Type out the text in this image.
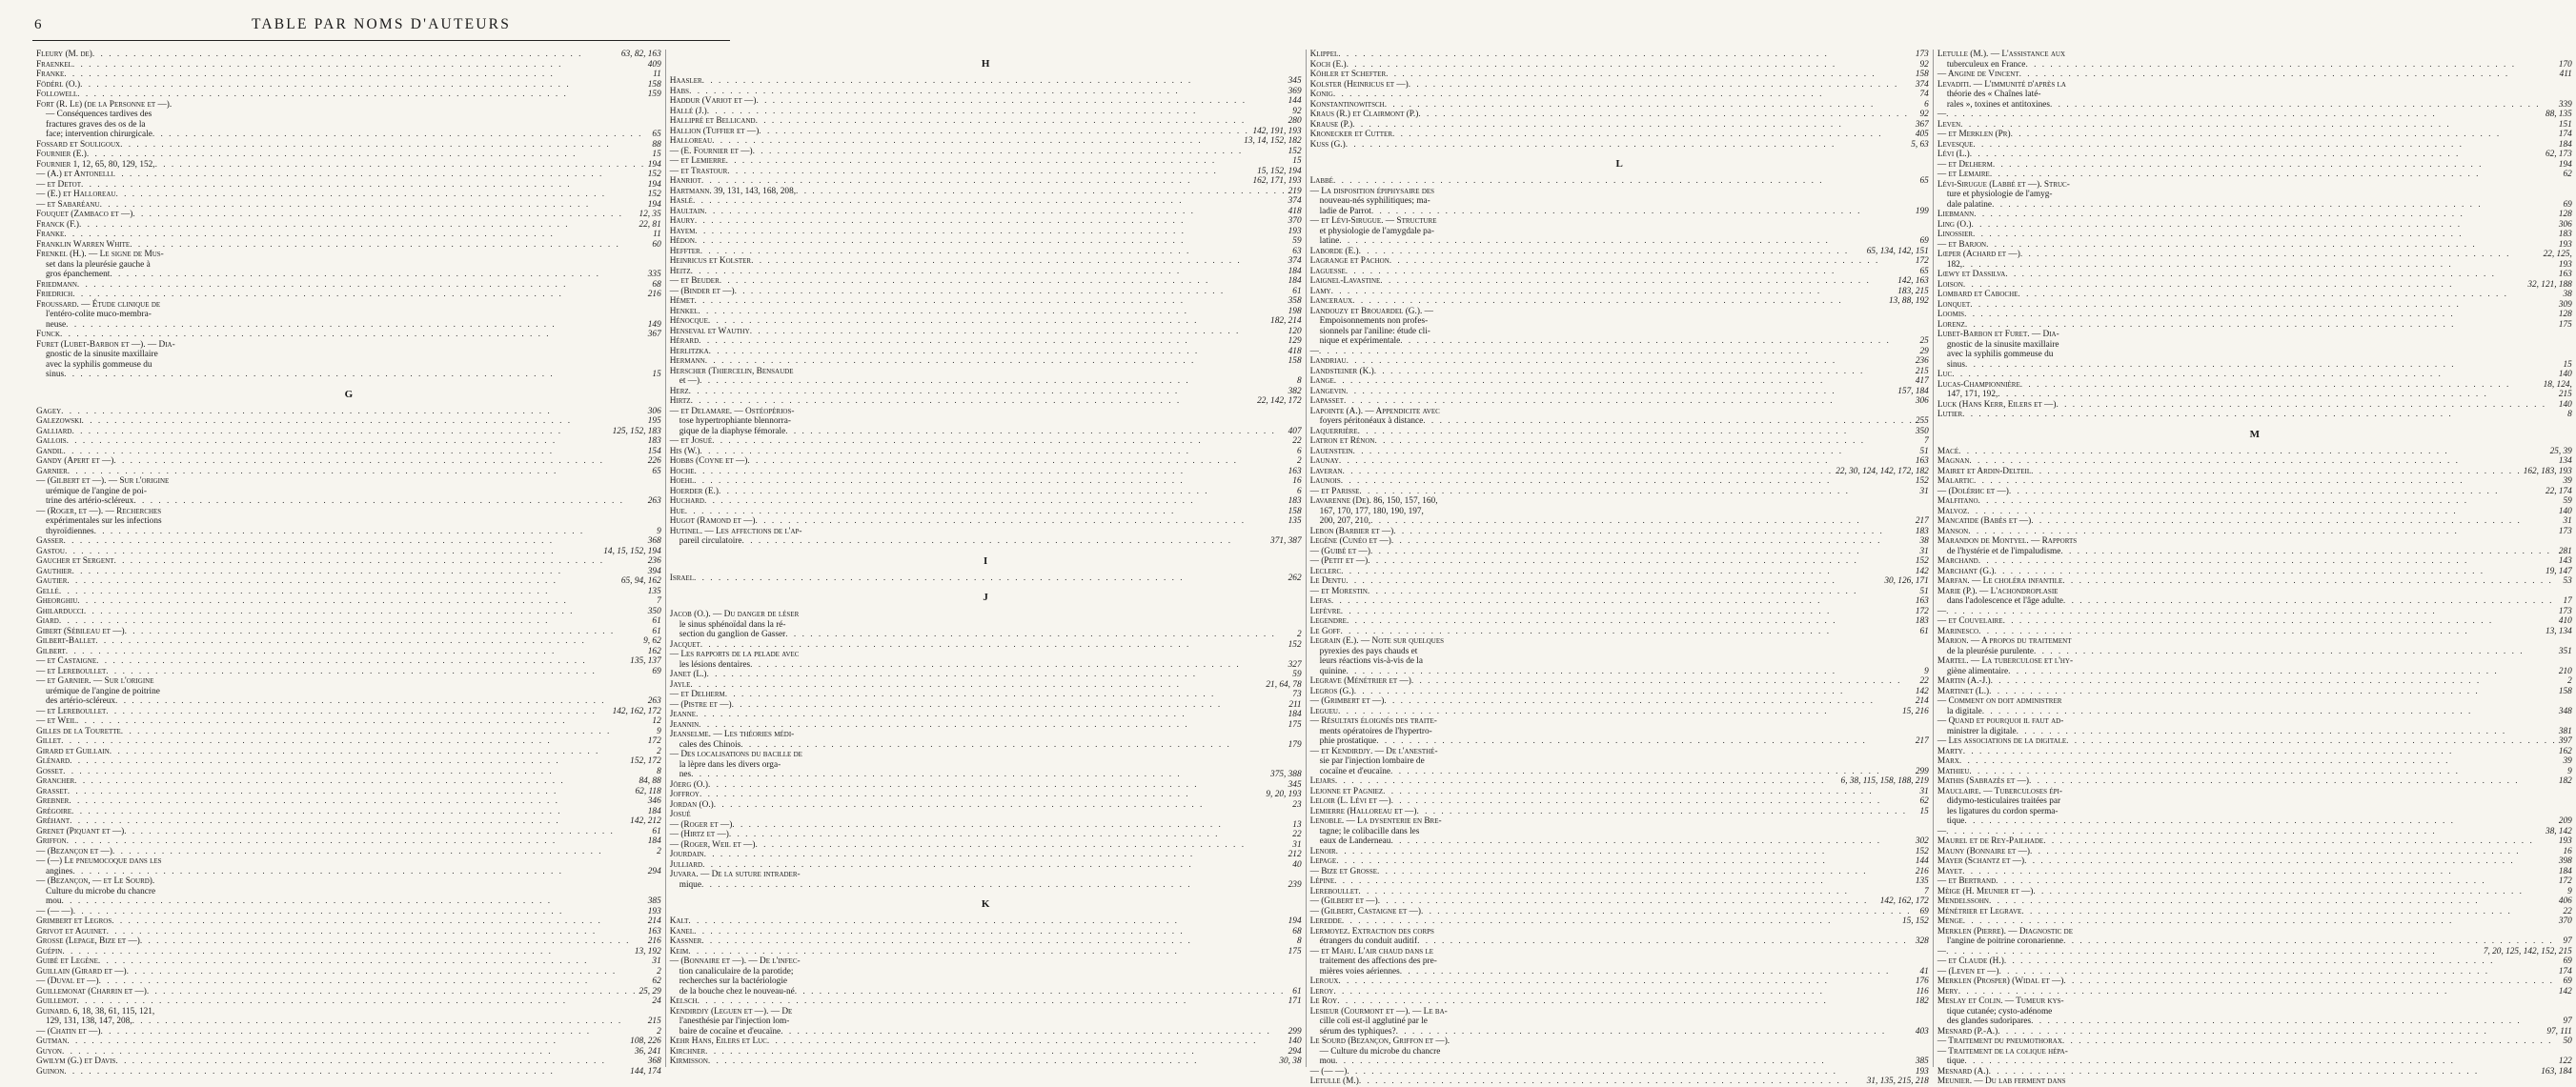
6	TABLE PAR NOMS D'AUTEURS
Fleury (M. de) . . .	63, 82, 163
Fraenkel . . .	409
Franke . . .	11
Födérl (O.) . . .	158
Followell . . .	159
Fort (R. Le) (de la Personne et —).
— Conséquences tardives des
fractures graves des os de la
face; intervention chirurgicale . . .	65
Fossard et Souligoux . . .	88
Fournier (E.) . . .	15
Fournier 1, 12, 65, 80, 129, 152, . . .	194
— (A.) et Antonelli . . .	152
— et Detot . . .	194
— (E.) et Halloreau . . .	152
— et Sabaréanu . . .	194
Fouquet (Zambaco et —) . . .	12, 35
Franck (F.) . . .	22, 81
Franke . . .	11
Franklin Warren White . . .	60
Frenkel (H.). — Le signe de Mus-
set dans la pleurésie gauche à
gros épanchement . . .	335
Friedmann . . .	68
Friedrich . . .	216
Froussard. — Étude clinique de
l'entéro-colite muco-membra-
neuse . . .	149
Funck . . .	367
Furet (Lubet-Barbon et —). — Dia-
gnostic de la sinusite maxillaire
avec la syphilis gommeuse du
sinus . . .	15
G
Gagey . . .	306
Galezowski . . .	195
Galliard . . .	125, 152, 183
Gallois . . .	183
Gandil . . .	154
Gandy (Apert et —) . . .	226
Garnier . . .	65
— (Gilbert et —). — Sur l'origine
urémique de l'angine de poi-
trine des artério-scléreux . . .	263
— (Roger, et —). — Recherches
expérimentales sur les infections
thyroïdiennes . . .	9
Gasser . . .	368
Gastou . . .	14, 15, 152, 194
Gaucher et Sergent . . .	236
Gauthier . . .	394
Gautier . . .	65, 94, 162
Gellé . . .	135
Gheorghiu . . .	7
Ghilarducci . . .	350
Giard . . .	61
Gibert (Sébileau et —) . . .	61
Gilbert-Ballet . . .	9, 62
Gilbert . . .	162
— et Castaigne . . .	135, 137
— et Lereboullet . . .	69
— et Garnier. — Sur l'origine
urémique de l'angine de poitrine
des artério-scléreux . . .	263
— et Lereboullet . . .	142, 162, 172
— et Weil . . .	12
Gilles de la Tourette . . .	9
Gillet . . .	172
Girard et Guillain . . .	2
Glénard . . .	152, 172
Gosset . . .	8
Grancher . . .	84, 88
Grasset . . .	62, 118
Grebner . . .	346
Grégoire . . .	184
Gréhant . . .	142, 212
Grenet (Piquant et —) . . .	61
Griffon . . .	184
— (Bezançon et —) . . .	2
— (—) Le pneumocoque dans les
angines . . .	294
— (Bezançon, — et Le Sourd).
Culture du microbe du chancre
mou . . .	385
— (— —) . . .	193
Grimbert et Legros . . .	214
Grivot et Aguinet . . .	163
Grosse (Lepage, Bize et —) . . .	216
Guépin . . .	13, 192
Guibé et Legène . . .	31
Guillain (Girard et —) . . .	2
— (Duval et —) . . .	62
Guillemonat (Charrin et —) . . .	25, 29
Guillemot . . .	24
Guinard. 6, 18, 38, 61, 115, 121,
129, 131, 138, 147, 208, . . .	215
— (Chatin et —) . . .	2
Gutman . . .	108, 226
Guyon . . .	36, 241
Gwilym (G.) et Davis . . .	368
Guinon . . .	144, 174
H
Haasler . . .	345
Habs . . .	369
Haddur (Variot et —) . . .	144
Hallé (J.) . . .	92
Hallipré et Bellicand . . .	280
Hallion (Tuffier et —) . . .	142, 191, 193
Halloreau . . .	13, 14, 152, 182
— (E. Fournier et —) . . .	152
— et Lemierre . . .	15
— et Trastour . . .	15, 152, 194
Hanriot . . .	162, 171, 193
Hartmann. 39, 131, 143, 168, 208, . . .	219
Haslé . . .	374
Haultain . . .	418
Haury . . .	370
Hayem . . .	193
Hédon . . .	59
Heffter . . .	63
Heinricus et Kolster . . .	374
Heitz . . .	184
— et Beuder . . .	184
— (Binder et —) . . .	61
Hémet . . .	358
Henkel . . .	198
Hénocque . . .	182, 214
Henseval et Wauthy . . .	120
Hérard . . .	129
Herlitzka . . .	418
Hermann . . .	158
Herscher (Thiercelin, Bensaude
et —) . . .	8
Herz . . .	382
Hirtz . . .	22, 142, 172
— et Delamare. — Ostéopérios-
tose hypertrophiante blennorra-
gique de la diaphyse fémorale . . .	407
— et Josué . . .	22
His (W.) . . .	6
Hobbs (Coyne et —) . . .	2
Hoche . . .	163
Hoehl . . .	16
Hoerder (E.) . . .	6
Huchard . . .	183
Hue . . .	158
Hugot (Ramond et —) . . .	135
Hutinel. — Les affections de l'ap-
pareil circulatoire . . .	371, 387
I
Israel . . .	262
J
Jacob (O.). — Du danger de léser
le sinus sphénoïdal dans la ré-
section du ganglion de Gasser . . .	2
Jacquet . . .	152
— Les rapports de la pelade avec
les lésions dentaires . . .	327
Janet (L.) . . .	59
Jayle . . .	21, 64, 78
— et Delherm . . .	73
— (Pistre et —) . . .	211
Jeanne . . .	184
Jeannin . . .	175
Jeanselme. — Les théories médi-
cales des Chinois . . .	179
— Des localisations du bacille de
la lèpre dans les divers orga-
nes . . .	375, 388
Jöerg (O.) . . .	345
Joffroy . . .	9, 20, 193
Jordan (O.) . . .	23
Josué
— (Roger et —) . . .	13
— (Hirtz et —) . . .	22
— (Roger, Weil et —) . . .	31
Jourdain . . .	212
Julliard . . .	40
Juvara. — De la suture intrader-
mique . . .	239
K
Kalt . . .	194
Kanel . . .	68
Kassner . . .	8
Keim . . .	175
— (Bonnaire et —). — De l'infec-
tion canaliculaire de la parotide;
recherches sur la bactériologie
de la bouche chez le nouveau-né . . .	61
Kelsch . . .	171
Kendirdjy (Leguen et —). — De
l'anesthésie par l'injection lom-
baire de cocaïne et d'eucaïne . . .	299
Kehr Hans, Eilers et Luc . . .	140
Kirchner . . .	294
Kirmisson . . .	30, 38
Klippel . . .	173
Koch (E.) . . .	92
Köhler et Schefter . . .	158
Kolster (Heinricus et —) . . .	374
Konig . . .	74
Konstantinowitsch . . .	6
Kraus (R.) et Clairmont (P.) . . .	92
Krause (P.) . . .	367
Kronecker et Cutter . . .	405
Kuss (G.) . . .	5, 63
L
Labbé . . .	65
— La disposition épiphysaire des
nouveau-nés syphilitiques; ma-
ladie de Parrot . . .	199
— et Lévi-Sirugue. — Structure
et physiologie de l'amygdale pa-
latine . . .	69
Laborde (E.) . . .	65, 134, 142, 151
Lagrange et Pachon . . .	172
Laguesse . . .	65
Laignel-Lavastine . . .	142, 163
Lamy . . .	183, 215
Lanceraux . . .	13, 88, 192
Landouzy et Brouardel (G.). —
Empoisonnements non profes-
sionnels par l'aniline: étude cli-
nique et expérimentale . . .	25
— . . .	29
Landriau . . .	236
Landsteiner (K.) . . .	215
Lange . . .	417
Langevin . . .	157, 184
Lapasset . . .	306
Lapointe (A.). — Appendicite avec
foyers péritonéaux à distance . . .	255
Laquerrière . . .	350
Latron et Rénon . . .	7
Lauenstein . . .	51
Launay . . .	163
Laveran . . .	22, 30, 124, 142, 172, 182
Launois . . .	152
— et Parisse . . .	31
Lavarenne (De). 86, 150, 157, 160,
167, 170, 177, 180, 190, 197,
200, 207, 210, . . .	217
Lebon (Barbier et —) . . .	183
Legène (Cunéo et —) . . .	38
— (Guibé et —) . . .	31
— (Petit et —) . . .	152
Leclerc . . .	142
Le Dentu . . .	30, 126, 171
— et Morestin . . .	51
Lefas . . .	163
Lefèvre . . .	172
Legendre . . .	183
Le Goff . . .	61
Legrain (E.). — Note sur quelques
pyrexies des pays chauds et
leurs réactions vis-à-vis de la
quinine . . .	9
Legrave (Ménétrier et —) . . .	22
Legros (G.) . . .	142
— (Grimbert et —) . . .	214
Legueu . . .	15, 216
— Résultats éloignés des traite-
ments opératoires de l'hypertro-
phie prostatique . . .	217
— et Kendirdjy. — De l'anesthé-
sie par l'injection lombaire de
cocaïne et d'eucaïne . . .	299
Lejars . . .	6, 38, 115, 158, 188, 219
Lejonne et Pagniez . . .	31
Leloir (L. Lévi et —) . . .	62
Lemierre (Halloreau et —) . . .	15
Lenoble. — La dysenterie en Bre-
tagne; le colibacille dans les
eaux de Landerneau . . .	302
Lenoir . . .	152
Lepage . . .	144
— Bize et Grosse . . .	216
Lépine . . .	135
Lereboullet . . .	7
— (Gilbert et —) . . .	142, 162, 172
— (Gilbert, Castaigne et —) . . .	69
Leredde . . .	15, 152
Lermoyez. Extraction des corps
étrangers du conduit auditif . . .	328
— et Mahu. L'air chaud dans le
traitement des affections des pre-
mières voies aériennes . . .	41
Leroux . . .	176
Leroy . . .	116
Le Roy . . .	182
Lesieur (Courmont et —). — Le ba-
cille coli est-il agglutiné par le
sérum des typhiques? . . .	403
Le Sourd (Bezançon, Griffon et —).
— Culture du microbe du chancre
mou . . .	385
— (— —) . . .	193
Letulle (M.) . . .	31, 135, 215, 218
Letulle (M.). — L'assistance aux
tuberculeux en France . . .	170
— Angine de Vincent . . .	411
Levaditi. — L'immunité d'après la
théorie des « Chaînes laté-
rales », toxines et antitoxines . . .	339
— . . .	88, 135
Leven . . .	151
— et Merklen (Pr) . . .	174
Levesque . . .	184
Lévi (L.) . . .	62, 173
— et Delherm . . .	194
— et Lemaire . . .	62
Lévi-Sirugue (Labbé et —). Struc-
ture et physiologie de l'amyg-
dale palatine . . .	69
Liebmann . . .	128
Ling (O.) . . .	306
Linossier . . .	183
— et Barjon . . .	193
Lœper (Achard et —) . . .	22, 125,
182, . . .	193
Lœwy et Dassilva . . .	163
Loison . . .	32, 121, 188
Lombard et Caboche . . .	38
Lonquet . . .	309
Loomis . . .	128
Lorenz . . .	175
Lubet-Barbon et Furet. — Dia-
gnostic de la sinusite maxillaire
avec la syphilis gommeuse du
sinus . . .	15
Luc . . .	140
Lucas-Championnière . . .	18, 124,
147, 171, 192, . . .	215
Luck (Hans Kerr, Eilers et —) . . .	140
Lutier . . .	8
M
Macé . . .	25, 39
Magnan . . .	134
Mairet et Ardin-Delteil . . .	162, 183, 193
Malartic . . .	39
— (Dolérис et —) . . .	22, 174
Malfitano . . .	59
Malvoz . . .	140
Mancatide (Babès et —) . . .	31
Manson . . .	173
Marandon de Montyel. — Rapports
de l'hystérie et de l'impaludisme . . .	281
Marchand . . .	143
Marchant (G.) . . .	19, 147
Marfan. — Le choléra infantile . . .	53
Marie (P.). — L'achondroplasie
dans l'adolescence et l'âge adulte . . .	17
— . . .	173
— et Couvelaire . . .	410
Marinesco . . .	13, 134
Marion. — A propos du traitement
de la pleurésie purulente . . .	351
Martel. — La tuberculose et l'hy-
giène alimentaire . . .	210
Martin (A.-J.) . . .	2
Martinet (L.) . . .	158
— Comment on doit administrer
la digitale . . .	348
— Quand et pourquoi il faut ad-
ministrer la digitale . . .	381
— Les associations de la digitale . . .	397
Marty . . .	162
Marx . . .	39
Mathieu . . .	9
Mathis (Sabrazès et —) . . .	182
Mauclaire. — Tuberculoses épi-
didymo-testiculaires traitées par
les ligatures du cordon sperma-
tique . . .	209
— . . .	38, 142
Maurel et de Rey-Pailhade . . .	193
Mauny (Bonnaire et —) . . .	16
Mayer (Schantz et —) . . .	398
Mayet . . .	184
— et Bertrand . . .	172
Mèige (H. Meunier et —) . . .	9
Mendelssohn . . .	406
Ménétrier et Legrave . . .	22
Menge . . .	370
Merklen (Pierre). — Diagnostic de
l'angine de poitrine coronarienne . . .	97
— . . .	7, 20, 125, 142, 152, 215
— et Claude (H.) . . .	69
— (Leven et —) . . .	174
Merklen (Prosper) (Widal et —) . . .	69
Mery . . .	142
Meslay et Colin. — Tumeur kys-
tique cutanée; cysto-adénome
des glandes sudoripares . . .	97
Mesnard (P.-A.) . . .	97, 111
— Traitement du pneumothorax . . .	50
— Traitement de la colique hépa-
tique . . .	122
Mesnard (A.) . . .	163, 184
Meunier. — Du lab ferment dans
